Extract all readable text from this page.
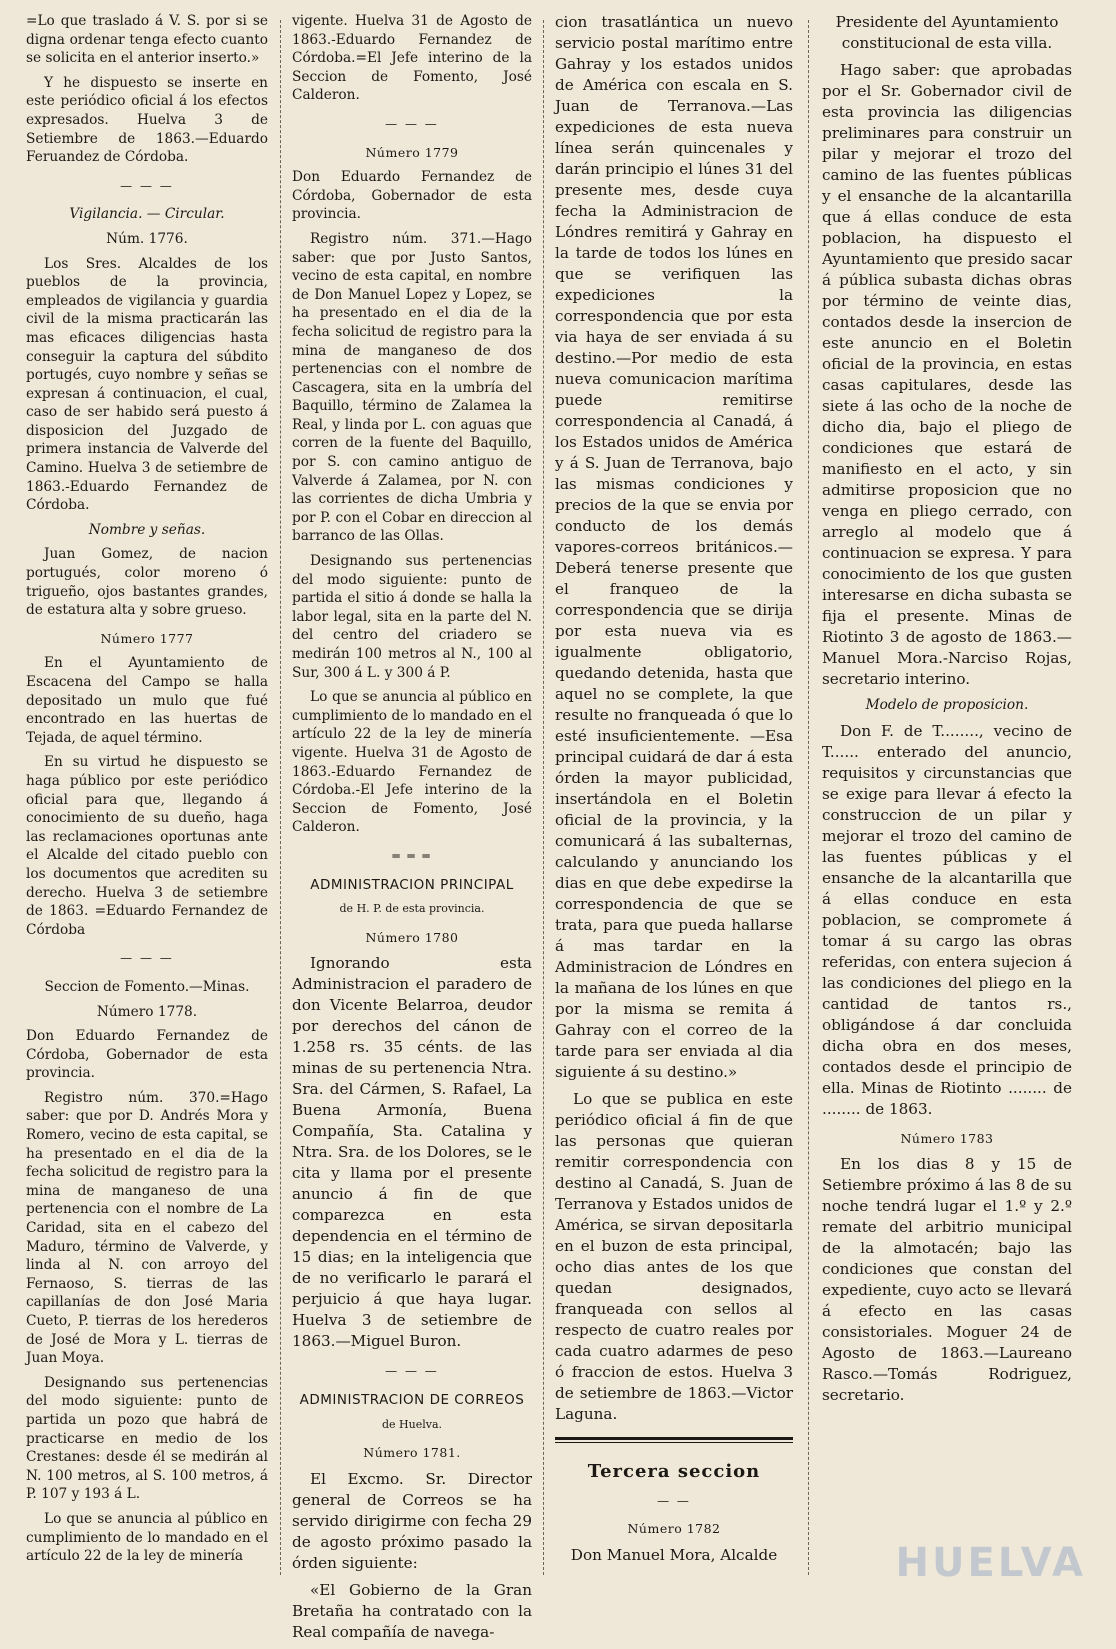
=Lo que traslado á V. S. por si se digna ordenar tenga efecto cuanto se solicita en el anterior inserto.»

Y he dispuesto se inserte en este periódico oficial á los efectos expresados. Huelva 3 de Setiembre de 1863.—Eduardo Feruandez de Córdoba.

— — —

Vigilancia. — Circular.

Núm. 1776.

Los Sres. Alcaldes de los pueblos de la provincia, empleados de vigilancia y guardia civil de la misma practicarán las mas eficaces diligencias hasta conseguir la captura del súbdito portugés, cuyo nombre y señas se expresan á continuacion, el cual, caso de ser habido será puesto á disposicion del Juzgado de primera instancia de Valverde del Camino. Huelva 3 de setiembre de 1863.-Eduardo Fernandez de Córdoba.

Nombre y señas.

Juan Gomez, de nacion portugués, color moreno ó trigueño, ojos bastantes grandes, de estatura alta y sobre grueso.

Número 1777

En el Ayuntamiento de Escacena del Campo se halla depositado un mulo que fué encontrado en las huertas de Tejada, de aquel término.

En su virtud he dispuesto se haga público por este periódico oficial para que, llegando á conocimiento de su dueño, haga las reclamaciones oportunas ante el Alcalde del citado pueblo con los documentos que acrediten su derecho. Huelva 3 de setiembre de 1863. =Eduardo Fernandez de Córdoba

— — —

Seccion de Fomento.—Minas.

Número 1778.

Don Eduardo Fernandez de Córdoba, Gobernador de esta provincia.

Registro núm. 370.=Hago saber: que por D. Andrés Mora y Romero, vecino de esta capital, se ha presentado en el dia de la fecha solicitud de registro para la mina de manganeso de una pertenencia con el nombre de La Caridad, sita en el cabezo del Maduro, término de Valverde, y linda al N. con arroyo del Fernaoso, S. tierras de las capillanías de don José Maria Cueto, P. tierras de los herederos de José de Mora y L. tierras de Juan Moya.

Designando sus pertenencias del modo siguiente: punto de partida un pozo que habrá de practicarse en medio de los Crestanes: desde él se medirán al N. 100 metros, al S. 100 metros, á P. 107 y 193 á L.

Lo que se anuncia al público en cumplimiento de lo mandado en el artículo 22 de la ley de minería

vigente. Huelva 31 de Agosto de 1863.-Eduardo Fernandez de Córdoba.=El Jefe interino de la Seccion de Fomento, José Calderon.

— — —

Número 1779

Don Eduardo Fernandez de Córdoba, Gobernador de esta provincia.

Registro núm. 371.—Hago saber: que por Justo Santos, vecino de esta capital, en nombre de Don Manuel Lopez y Lopez, se ha presentado en el dia de la fecha solicitud de registro para la mina de manganeso de dos pertenencias con el nombre de Cascagera, sita en la umbría del Baquillo, término de Zalamea la Real, y linda por L. con aguas que corren de la fuente del Baquillo, por S. con camino antiguo de Valverde á Zalamea, por N. con las corrientes de dicha Umbria y por P. con el Cobar en direccion al barranco de las Ollas.

Designando sus pertenencias del modo siguiente: punto de partida el sitio á donde se halla la labor legal, sita en la parte del N. del centro del criadero se medirán 100 metros al N., 100 al Sur, 300 á L. y 300 á P.

Lo que se anuncia al público en cumplimiento de lo mandado en el artículo 22 de la ley de minería vigente. Huelva 31 de Agosto de 1863.-Eduardo Fernandez de Córdoba.-El Jefe interino de la Seccion de Fomento, José Calderon.

═ ═ ═

ADMINISTRACION PRINCIPAL

de H. P. de esta provincia.

Número 1780

Ignorando esta Administracion el paradero de don Vicente Belarroa, deudor por derechos del cánon de 1.258 rs. 35 cénts. de las minas de su pertenencia Ntra. Sra. del Cármen, S. Rafael, La Buena Armonía, Buena Compañía, Sta. Catalina y Ntra. Sra. de los Dolores, se le cita y llama por el presente anuncio á fin de que comparezca en esta dependencia en el término de 15 dias; en la inteligencia que de no verificarlo le parará el perjuicio á que haya lugar. Huelva 3 de setiembre de 1863.—Miguel Buron.

— — —

ADMINISTRACION DE CORREOS

de Huelva.

Número 1781.

El Excmo. Sr. Director general de Correos se ha servido dirigirme con fecha 29 de agosto próximo pasado la órden siguiente:

«El Gobierno de la Gran Bretaña ha contratado con la Real compañía de navega-

cion trasatlántica un nuevo servicio postal marítimo entre Gahray y los estados unidos de América con escala en S. Juan de Terranova.—Las expediciones de esta nueva línea serán quincenales y darán principio el lúnes 31 del presente mes, desde cuya fecha la Administracion de Lóndres remitirá y Gahray en la tarde de todos los lúnes en que se verifiquen las expediciones la correspondencia que por esta via haya de ser enviada á su destino.—Por medio de esta nueva comunicacion marítima puede remitirse correspondencia al Canadá, á los Estados unidos de América y á S. Juan de Terranova, bajo las mismas condiciones y precios de la que se envia por conducto de los demás vapores-correos británicos.—Deberá tenerse presente que el franqueo de la correspondencia que se dirija por esta nueva via es igualmente obligatorio, quedando detenida, hasta que aquel no se complete, la que resulte no franqueada ó que lo esté insuficientemente. —Esa principal cuidará de dar á esta órden la mayor publicidad, insertándola en el Boletin oficial de la provincia, y la comunicará á las subalternas, calculando y anunciando los dias en que debe expedirse la correspondencia de que se trata, para que pueda hallarse á mas tardar en la Administracion de Lóndres en la mañana de los lúnes en que por la misma se remita á Gahray con el correo de la tarde para ser enviada al dia siguiente á su destino.»

Lo que se publica en este periódico oficial á fin de que las personas que quieran remitir correspondencia con destino al Canadá, S. Juan de Terranova y Estados unidos de América, se sirvan depositarla en el buzon de esta principal, ocho dias antes de los que quedan designados, franqueada con sellos al respecto de cuatro reales por cada cuatro adarmes de peso ó fraccion de estos. Huelva 3 de setiembre de 1863.—Victor Laguna.

Tercera seccion

— —

Número 1782

Don Manuel Mora, Alcalde

Presidente del Ayuntamiento constitucional de esta villa.

Hago saber: que aprobadas por el Sr. Gobernador civil de esta provincia las diligencias preliminares para construir un pilar y mejorar el trozo del camino de las fuentes públicas y el ensanche de la alcantarilla que á ellas conduce de esta poblacion, ha dispuesto el Ayuntamiento que presido sacar á pública subasta dichas obras por término de veinte dias, contados desde la insercion de este anuncio en el Boletin oficial de la provincia, en estas casas capitulares, desde las siete á las ocho de la noche de dicho dia, bajo el pliego de condiciones que estará de manifiesto en el acto, y sin admitirse proposicion que no venga en pliego cerrado, con arreglo al modelo que á continuacion se expresa. Y para conocimiento de los que gusten interesarse en dicha subasta se fija el presente. Minas de Riotinto 3 de agosto de 1863.—Manuel Mora.-Narciso Rojas, secretario interino.

Modelo de proposicion.

Don F. de T........, vecino de T...... enterado del anuncio, requisitos y circunstancias que se exige para llevar á efecto la construccion de un pilar y mejorar el trozo del camino de las fuentes públicas y el ensanche de la alcantarilla que á ellas conduce en esta poblacion, se compromete á tomar á su cargo las obras referidas, con entera sujecion á las condiciones del pliego en la cantidad de tantos rs., obligándose á dar concluida dicha obra en dos meses, contados desde el principio de ella. Minas de Riotinto ........ de ........ de 1863.

Número 1783

En los dias 8 y 15 de Setiembre próximo á las 8 de su noche tendrá lugar el 1.º y 2.º remate del arbitrio municipal de la almotacén; bajo las condiciones que constan del expediente, cuyo acto se llevará á efecto en las casas consistoriales. Moguer 24 de Agosto de 1863.—Laureano Rasco.—Tomás Rodriguez, secretario.

HUELVA
